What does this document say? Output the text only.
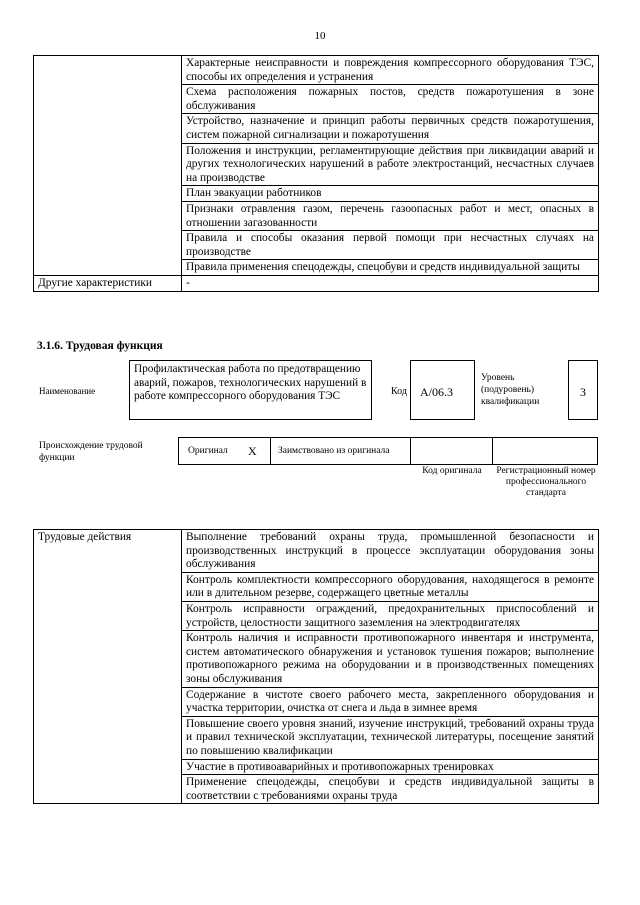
10
	Характерные неисправности и повреждения компрессорного оборудования ТЭС, способы их определения и устранения
	Схема расположения пожарных постов, средств пожаротушения в зоне обслуживания
	Устройство, назначение и принцип работы первичных средств пожаротушения, систем пожарной сигнализации и пожаротушения
	Положения и инструкции, регламентирующие действия при ликвидации аварий и других технологических нарушений в работе электростанций, несчастных случаев на производстве
	План эвакуации работников
	Признаки отравления газом, перечень газоопасных работ и мест, опасных в отношении загазованности
	Правила и способы оказания первой помощи при несчастных случаях на производстве
	Правила применения спецодежды, спецобуви и средств индивидуальной защиты
Другие характеристики	-
3.1.6. Трудовая функция
Наименование
Профилактическая работа по предотвращению аварий, пожаров, технологических нарушений в работе компрессорного оборудования ТЭС	Код	А/06.3
Уровень (подуровень) квалификации
3
Происхождение трудовой функции
Оригинал X Заимствовано из оригинала
Код оригинала	Регистрационный номер профессионального стандарта
Трудовые действия	Выполнение требований охраны труда, промышленной безопасности и производственных инструкций в процессе эксплуатации оборудования зоны обслуживания
Контроль комплектности компрессорного оборудования, находящегося в ремонте или в длительном резерве, содержащего цветные металлы
Контроль исправности ограждений, предохранительных приспособлений и устройств, целостности защитного заземления на электродвигателях
Контроль наличия и исправности противопожарного инвентаря и инструмента, систем автоматического обнаружения и установок тушения пожаров; выполнение противопожарного режима на оборудовании и в производственных помещениях зоны обслуживания
Содержание в чистоте своего рабочего места, закрепленного оборудования и участка территории, очистка от снега и льда в зимнее время
Повышение своего уровня знаний, изучение инструкций, требований охраны труда и правил технической эксплуатации, технической литературы, посещение занятий по повышению квалификации
Участие в противоаварийных и противопожарных тренировках
Применение спецодежды, спецобуви и средств индивидуальной защиты в соответствии с требованиями охраны труда
